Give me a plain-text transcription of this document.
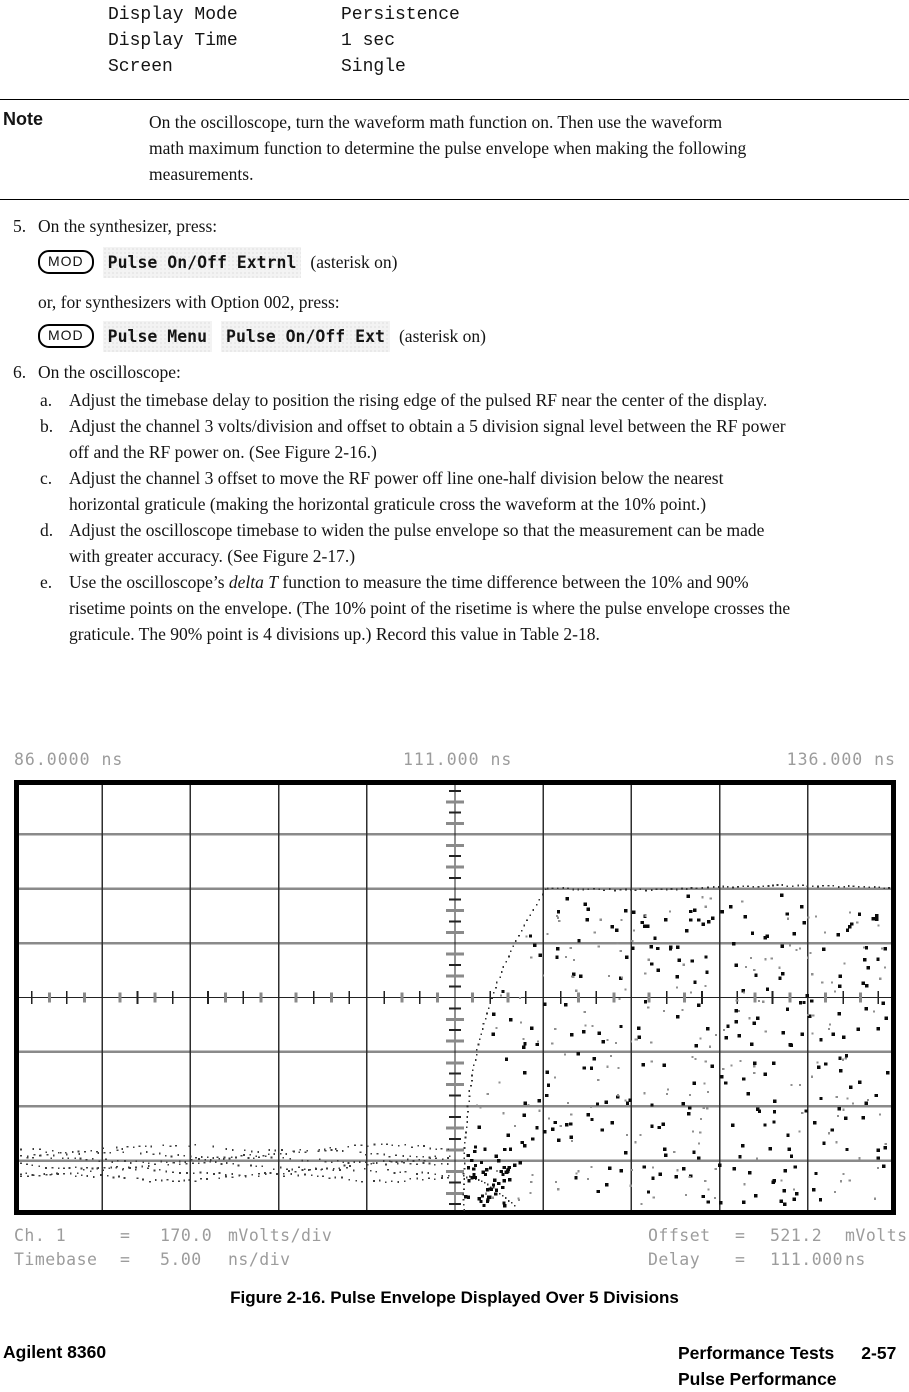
Display Mode	Persistence
Display Time	1 sec
Screen	Single
Note	On the oscilloscope, turn the waveform math function on. Then use the waveform math maximum function to determine the pulse envelope when making the following measurements.
5. On the synthesizer, press:
MOD	Pulse On/Off Extrnl (asterisk on)
or, for synthesizers with Option 002, press:
MOD	Pulse Menu	Pulse On/Off Ext (asterisk on)
6. On the oscilloscope:
a. Adjust the timebase delay to position the rising edge of the pulsed RF near the center of the display.
b. Adjust the channel 3 volts/division and offset to obtain a 5 division signal level between the RF power off and the RF power on. (See Figure 2-16.)
c. Adjust the channel 3 offset to move the RF power off line one-half division below the nearest horizontal graticule (making the horizontal graticule cross the waveform at the 10% point.)
d. Adjust the oscilloscope timebase to widen the pulse envelope so that the measurement can be made with greater accuracy. (See Figure 2-17.)
e. Use the oscilloscope’s delta T function to measure the time difference between the 10% and 90% risetime points on the envelope. (The 10% point of the risetime is where the pulse envelope crosses the graticule. The 90% point is 4 divisions up.) Record this value in Table 2-18.
86.0000 ns	111.000 ns	136.000 ns
Ch. 1	=	170.0 mVolts/div
Timebase	=	5.00	ns/div
Offset	=	521.2	mVolts
Delay	=	111.000 ns
Figure 2-16. Pulse Envelope Displayed Over 5 Divisions
Agilent 8360	Performance Tests 2-57
Pulse Performance
